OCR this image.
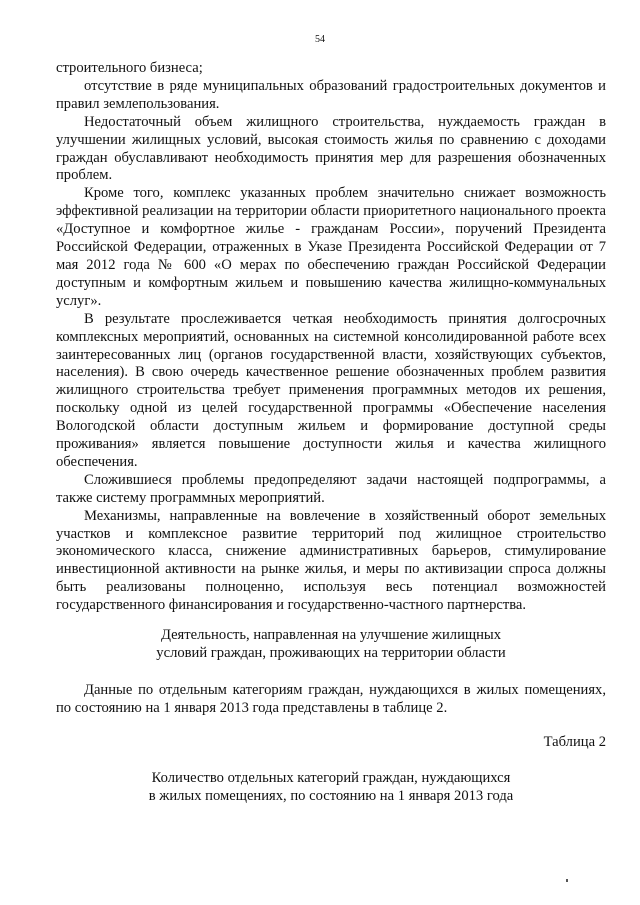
54

строительного бизнеса;

отсутствие в ряде муниципальных образований градостроительных документов и правил землепользования.

Недостаточный объем жилищного строительства, нуждаемость граждан в улучшении жилищных условий, высокая стоимость жилья по сравнению с доходами граждан обуславливают необходимость принятия мер для разрешения обозначенных проблем.

Кроме того, комплекс указанных проблем значительно снижает возможность эффективной реализации на территории области приоритетного национального проекта «Доступное и комфортное жилье - гражданам России», поручений Президента Российской Федерации, отраженных в Указе Президента Российской Федерации от 7 мая 2012 года № 600 «О мерах по обеспечению граждан Российской Федерации доступным и комфортным жильем и повышению качества жилищно-коммунальных услуг».

В результате прослеживается четкая необходимость принятия долгосрочных комплексных мероприятий, основанных на системной консолидированной работе всех заинтересованных лиц (органов государственной власти, хозяйствующих субъектов, населения). В свою очередь качественное решение обозначенных проблем развития жилищного строительства требует применения программных методов их решения, поскольку одной из целей государственной программы «Обеспечение населения Вологодской области доступным жильем и формирование доступной среды проживания» является повышение доступности жилья и качества жилищного обеспечения.

Сложившиеся проблемы предопределяют задачи настоящей подпрограммы, а также систему программных мероприятий.

Механизмы, направленные на вовлечение в хозяйственный оборот земельных участков и комплексное развитие территорий под жилищное строительство экономического класса, снижение административных барьеров, стимулирование инвестиционной активности на рынке жилья, и меры по активизации спроса должны быть реализованы полноценно, используя весь потенциал возможностей государственного финансирования и государственно-частного партнерства.

Деятельность, направленная на улучшение жилищных
условий граждан, проживающих на территории области

Данные по отдельным категориям граждан, нуждающихся в жилых помещениях, по состоянию на 1 января 2013 года представлены в таблице 2.

Таблица 2
Количество отдельных категорий граждан, нуждающихся
в жилых помещениях, по состоянию на 1 января 2013 года
